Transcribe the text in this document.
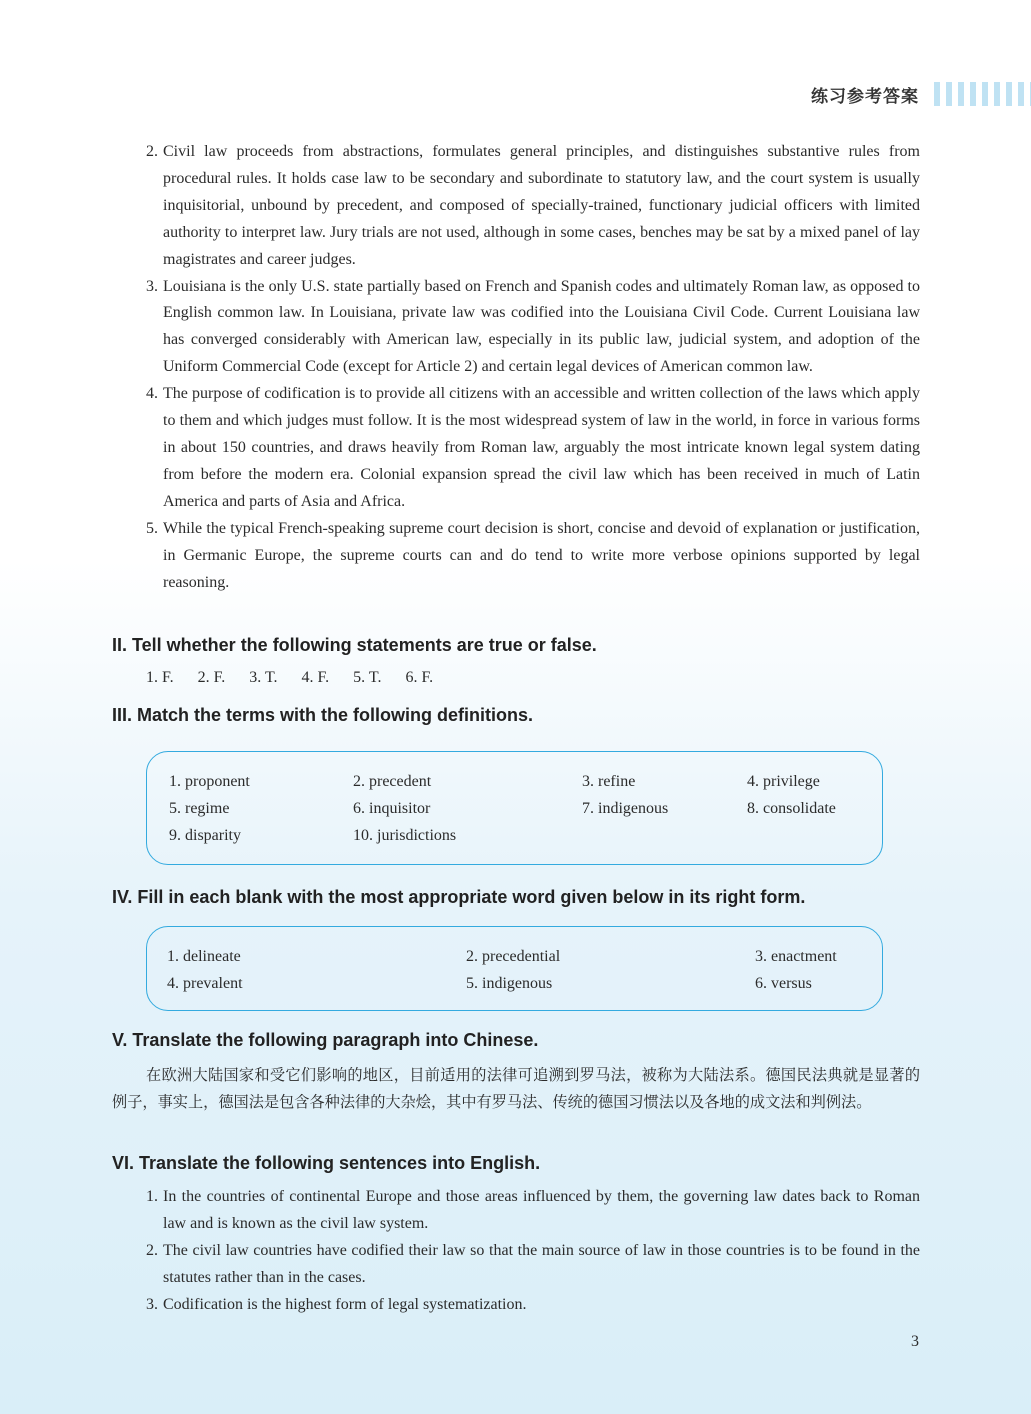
练习参考答案
2. Civil law proceeds from abstractions, formulates general principles, and distinguishes substantive rules from procedural rules. It holds case law to be secondary and subordinate to statutory law, and the court system is usually inquisitorial, unbound by precedent, and composed of specially-trained, functionary judicial officers with limited authority to interpret law. Jury trials are not used, although in some cases, benches may be sat by a mixed panel of lay magistrates and career judges.
3. Louisiana is the only U.S. state partially based on French and Spanish codes and ultimately Roman law, as opposed to English common law. In Louisiana, private law was codified into the Louisiana Civil Code. Current Louisiana law has converged considerably with American law, especially in its public law, judicial system, and adoption of the Uniform Commercial Code (except for Article 2) and certain legal devices of American common law.
4. The purpose of codification is to provide all citizens with an accessible and written collection of the laws which apply to them and which judges must follow. It is the most widespread system of law in the world, in force in various forms in about 150 countries, and draws heavily from Roman law, arguably the most intricate known legal system dating from before the modern era. Colonial expansion spread the civil law which has been received in much of Latin America and parts of Asia and Africa.
5. While the typical French-speaking supreme court decision is short, concise and devoid of explanation or justification, in Germanic Europe, the supreme courts can and do tend to write more verbose opinions supported by legal reasoning.
II. Tell whether the following statements are true or false.
1. F. 2. F. 3. T. 4. F. 5. T. 6. F.
III. Match the terms with the following definitions.
1. proponent	2. precedent	3. refine	4. privilege
5. regime	6. inquisitor	7. indigenous	8. consolidate
9. disparity	10. jurisdictions
IV. Fill in each blank with the most appropriate word given below in its right form.
1. delineate	2. precedential	3. enactment
4. prevalent	5. indigenous	6. versus
V. Translate the following paragraph into Chinese.

在欧洲大陆国家和受它们影响的地区，目前适用的法律可追溯到罗马法，被称为大陆法系。德国民法典就是显著的例子，事实上，德国法是包含各种法律的大杂烩，其中有罗马法、传统的德国习惯法以及各地的成文法和判例法。

VI. Translate the following sentences into English.
1. In the countries of continental Europe and those areas influenced by them, the governing law dates back to Roman law and is known as the civil law system.
2. The civil law countries have codified their law so that the main source of law in those countries is to be found in the statutes rather than in the cases.
3. Codification is the highest form of legal systematization.
3
